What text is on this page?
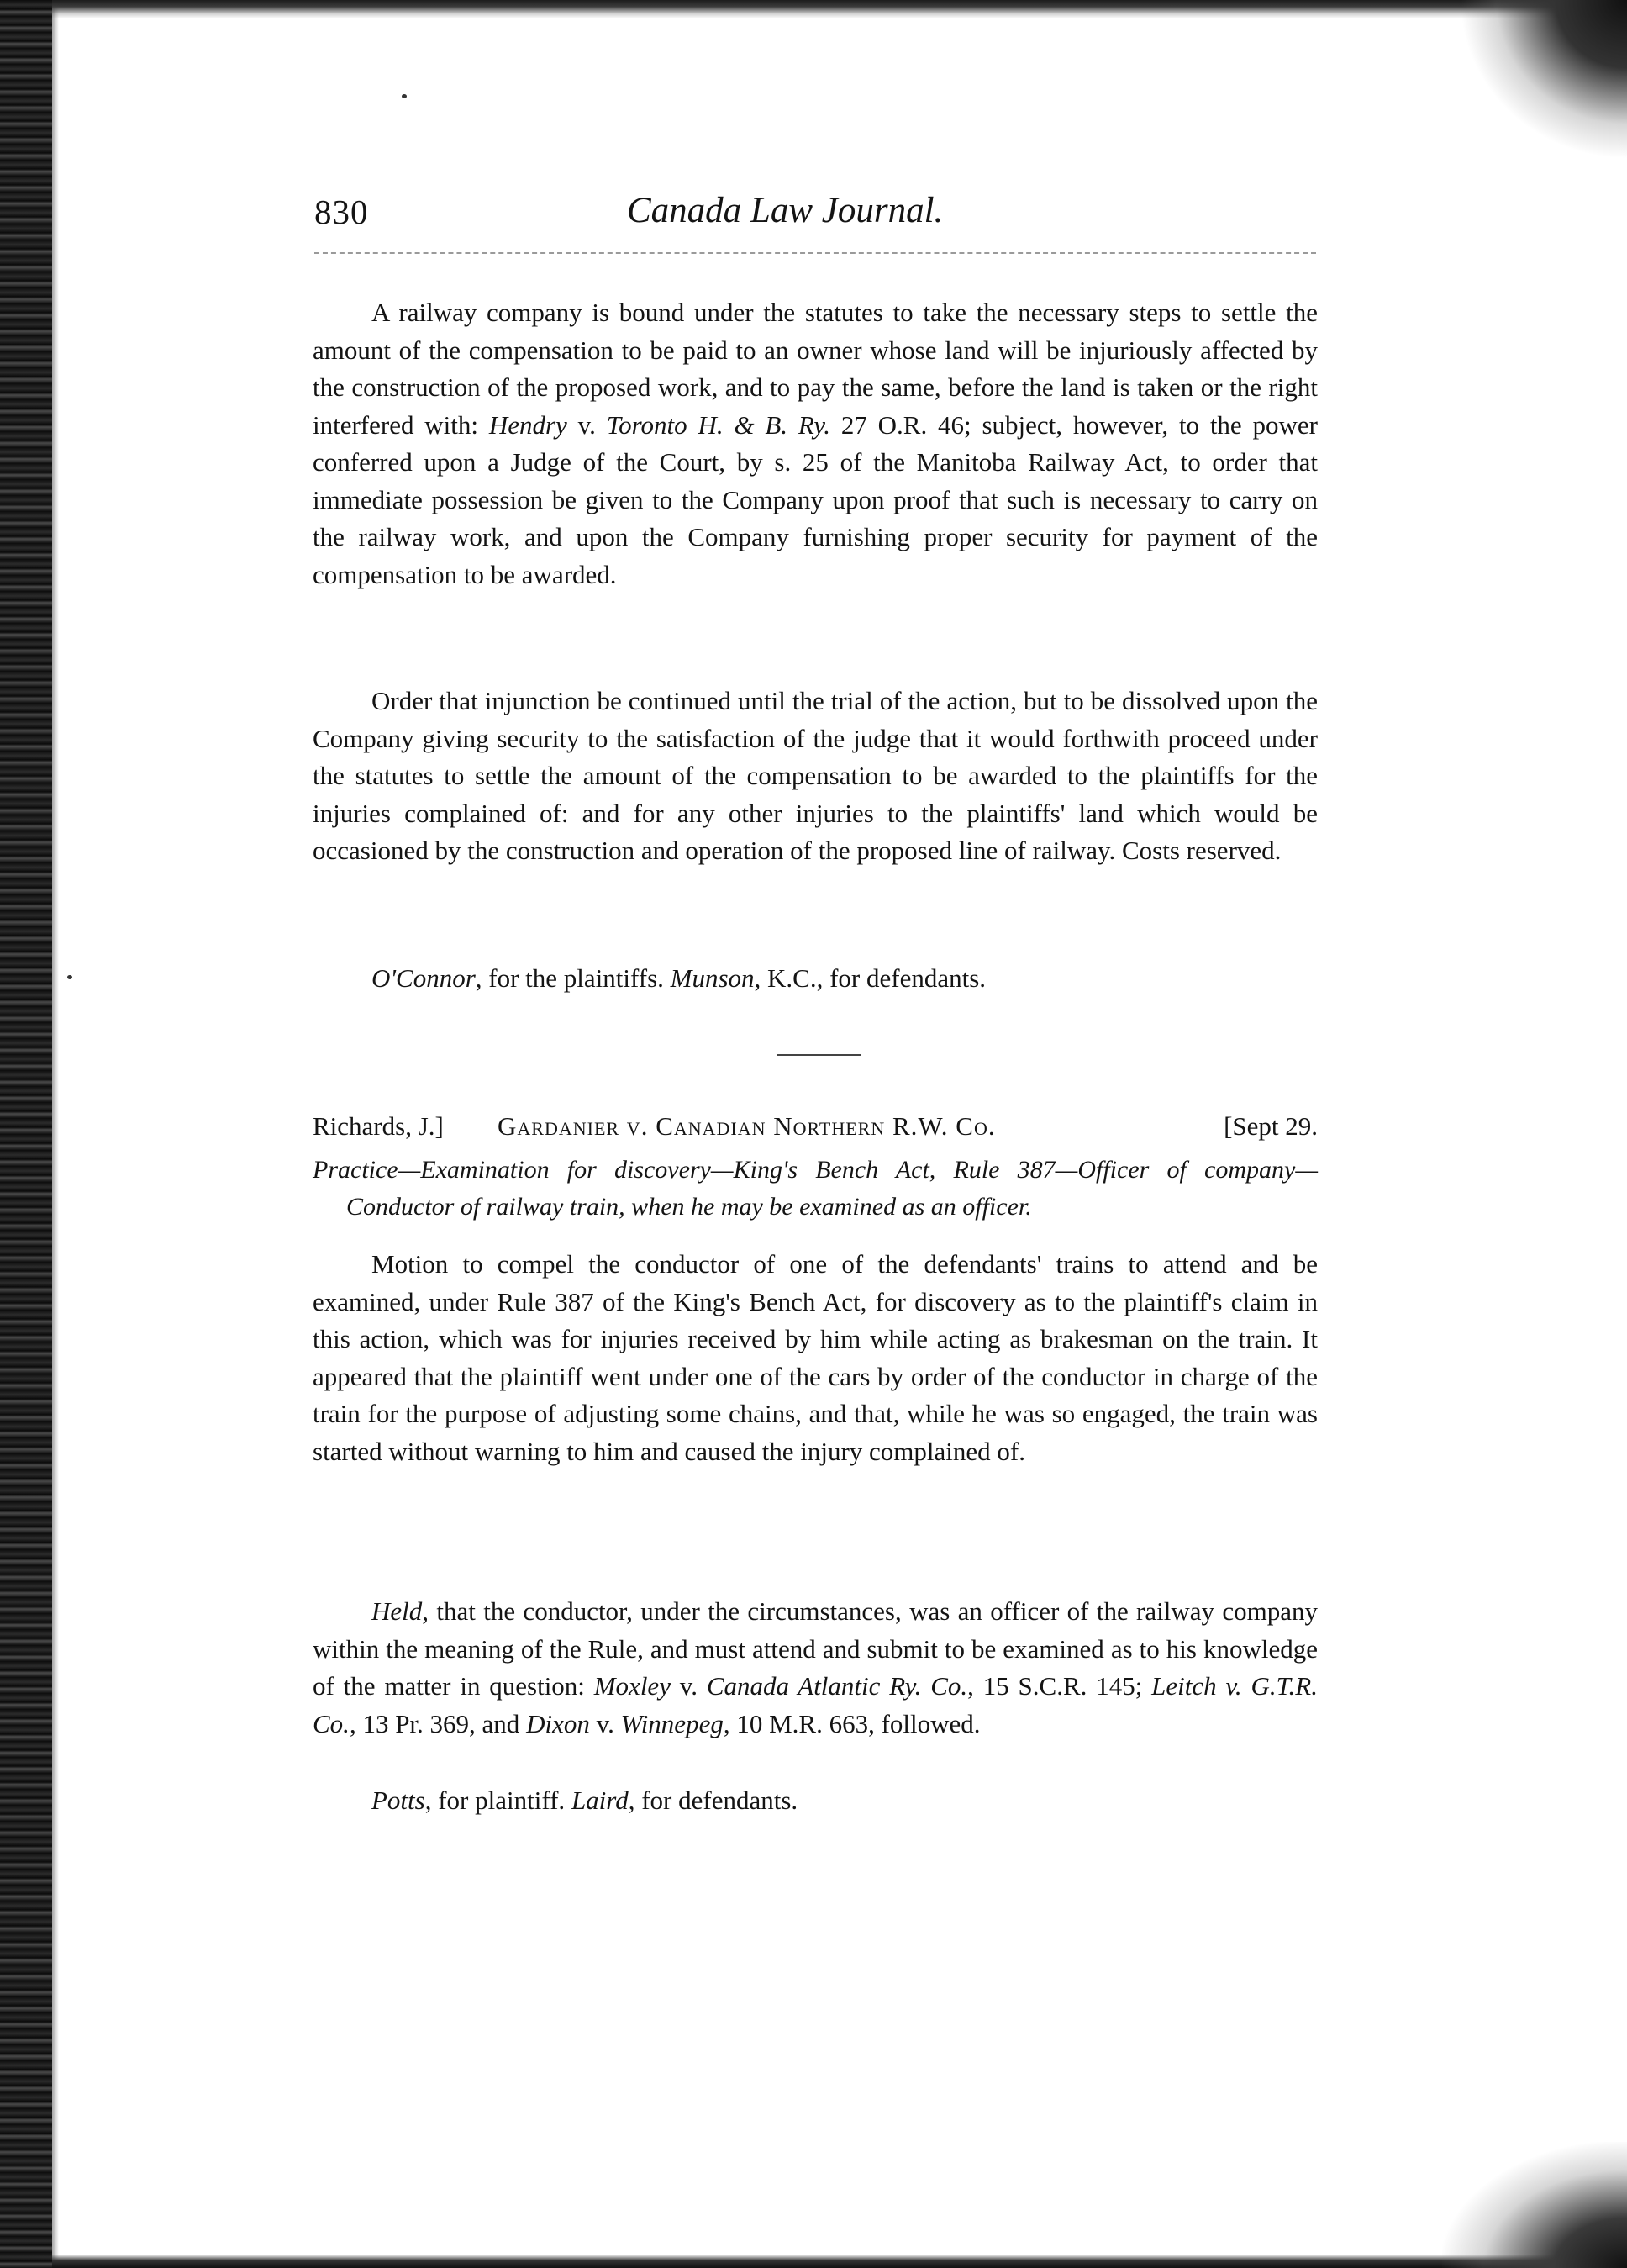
830	Canada Law Journal.

A railway company is bound under the statutes to take the necessary steps to settle the amount of the compensation to be paid to an owner whose land will be injuriously affected by the construction of the proposed work, and to pay the same, before the land is taken or the right interfered with: Hendry v. Toronto H. & B. Ry. 27 O.R. 46; subject, however, to the power conferred upon a Judge of the Court, by s. 25 of the Manitoba Railway Act, to order that immediate possession be given to the Company upon proof that such is necessary to carry on the railway work, and upon the Company furnishing proper security for payment of the compensation to be awarded.

Order that injunction be continued until the trial of the action, but to be dissolved upon the Company giving security to the satisfaction of the judge that it would forthwith proceed under the statutes to settle the amount of the compensation to be awarded to the plaintiffs for the injuries complained of: and for any other injuries to the plaintiffs' land which would be occasioned by the construction and operation of the proposed line of railway. Costs reserved.

O'Connor, for the plaintiffs. Munson, K.C., for defendants.

Richards, J.] Gardanier v. Canadian Northern R.W. Co.	[Sept 29.

Practice—Examination for discovery—King's Bench Act, Rule 387—Officer of company—Conductor of railway train, when he may be examined as an officer.

Motion to compel the conductor of one of the defendants' trains to attend and be examined, under Rule 387 of the King's Bench Act, for discovery as to the plaintiff's claim in this action, which was for injuries received by him while acting as brakesman on the train. It appeared that the plaintiff went under one of the cars by order of the conductor in charge of the train for the purpose of adjusting some chains, and that, while he was so engaged, the train was started without warning to him and caused the injury complained of.

Held, that the conductor, under the circumstances, was an officer of the railway company within the meaning of the Rule, and must attend and submit to be examined as to his knowledge of the matter in question: Moxley v. Canada Atlantic Ry. Co., 15 S.C.R. 145; Leitch v. G.T.R. Co., 13 Pr. 369, and Dixon v. Winnepeg, 10 M.R. 663, followed.

Potts, for plaintiff. Laird, for defendants.
